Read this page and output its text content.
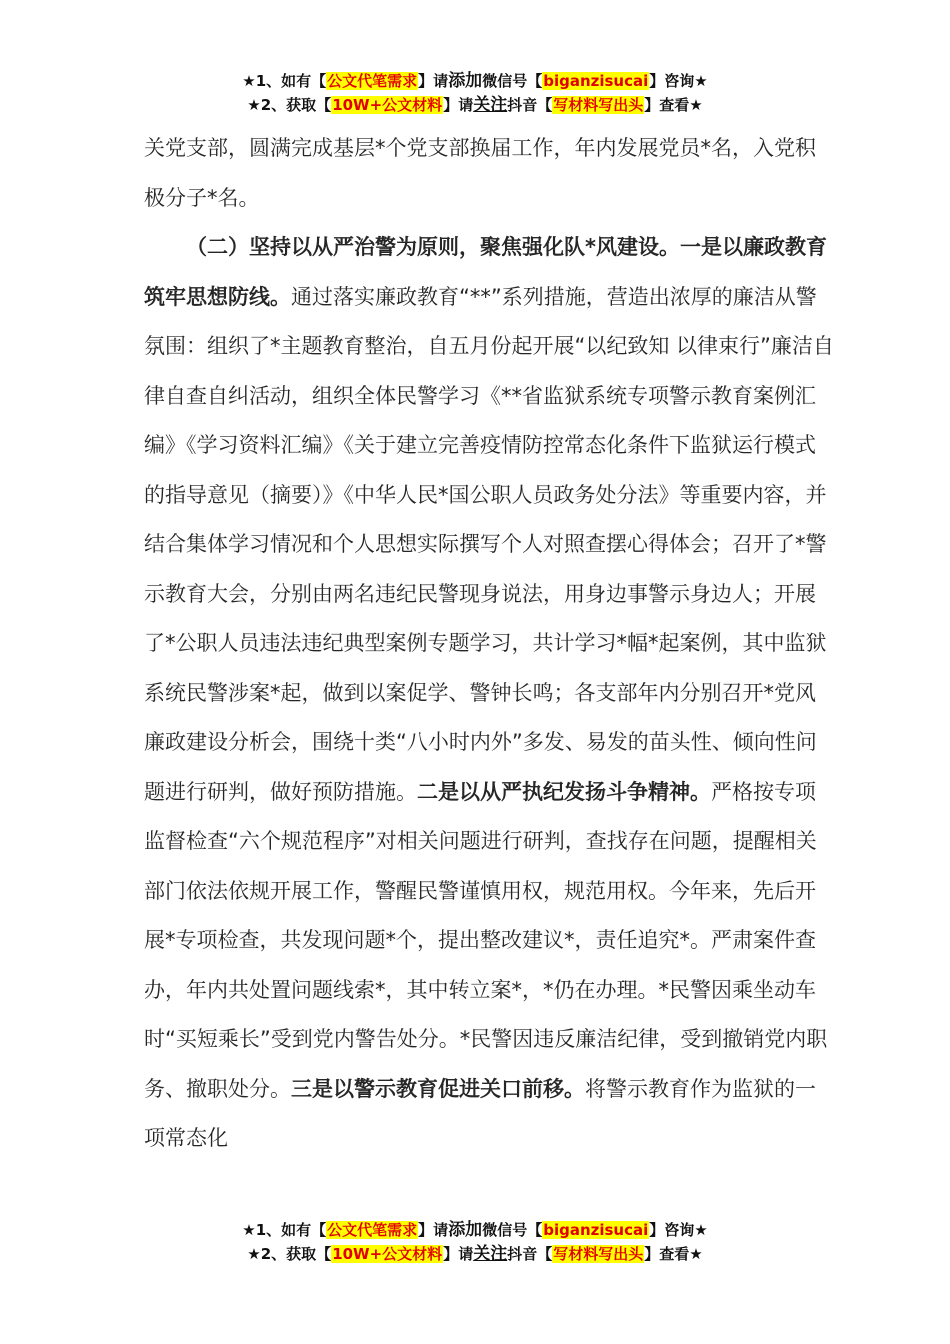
★1、如有【公文代笔需求】请添加微信号【biganzisucai】咨询★
★2、获取【10W+公文材料】请关注抖音【写材料写出头】查看★

关党支部，圆满完成基层*个党支部换届工作，年内发展党员*名，入党积极分子*名。

（二）坚持以从严治警为原则，聚焦强化队*风建设。一是以廉政教育筑牢思想防线。通过落实廉政教育“**”系列措施，营造出浓厚的廉洁从警氛围：组织了*主题教育整治，自五月份起开展“以纪致知 以律束行”廉洁自律自查自纠活动，组织全体民警学习《**省监狱系统专项警示教育案例汇编》《学习资料汇编》《关于建立完善疫情防控常态化条件下监狱运行模式的指导意见（摘要）》《中华人民*国公职人员政务处分法》等重要内容，并结合集体学习情况和个人思想实际撰写个人对照查摆心得体会；召开了*警示教育大会，分别由两名违纪民警现身说法，用身边事警示身边人；开展了*公职人员违法违纪典型案例专题学习，共计学习*幅*起案例，其中监狱系统民警涉案*起，做到以案促学、警钟长鸣；各支部年内分别召开*党风廉政建设分析会，围绕十类“八小时内外”多发、易发的苗头性、倾向性问题进行研判，做好预防措施。二是以从严执纪发扬斗争精神。严格按专项监督检查“六个规范程序”对相关问题进行研判，查找存在问题，提醒相关部门依法依规开展工作，警醒民警谨慎用权，规范用权。今年来，先后开展*专项检查，共发现问题*个，提出整改建议*，责任追究*。严肃案件查办，年内共处置问题线索*，其中转立案*，*仍在办理。*民警因乘坐动车时“买短乘长”受到党内警告处分。*民警因违反廉洁纪律，受到撤销党内职务、撤职处分。三是以警示教育促进关口前移。将警示教育作为监狱的一项常态化

★1、如有【公文代笔需求】请添加微信号【biganzisucai】咨询★
★2、获取【10W+公文材料】请关注抖音【写材料写出头】查看★
